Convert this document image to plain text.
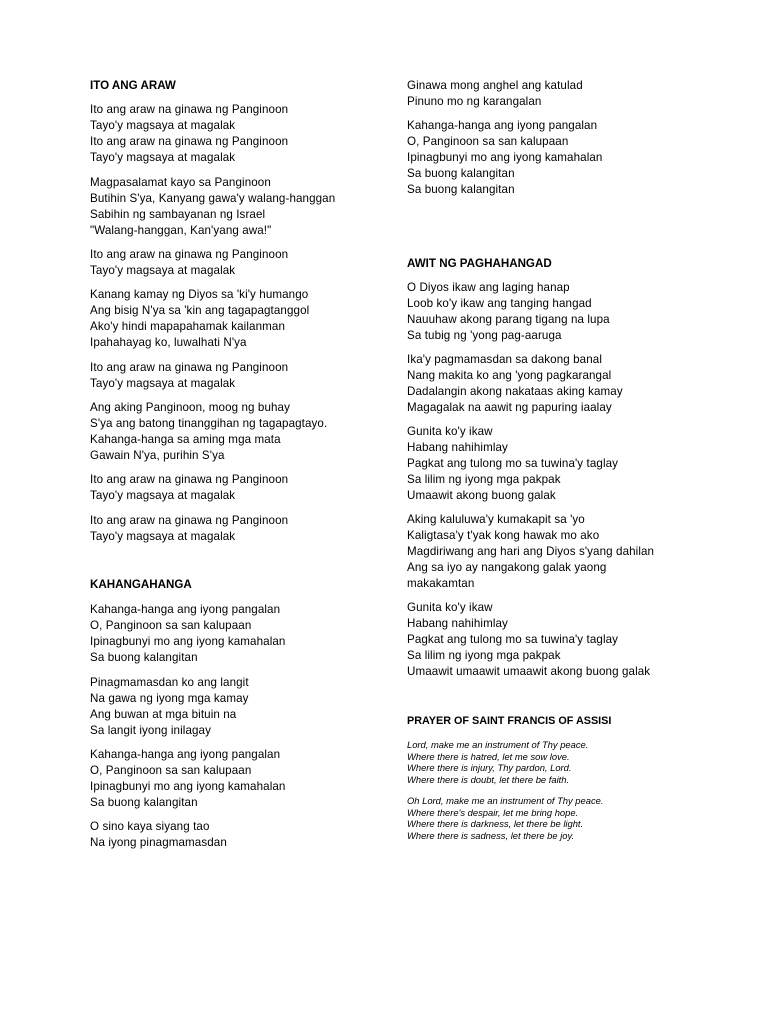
ITO ANG ARAW
Ito ang araw na ginawa ng Panginoon
Tayo'y magsaya at magalak
Ito ang araw na ginawa ng Panginoon
Tayo'y magsaya at magalak
Magpasalamat kayo sa Panginoon
Butihin S'ya, Kanyang gawa'y walang-hanggan
Sabihin ng sambayanan ng Israel
"Walang-hanggan, Kan'yang awa!"
Ito ang araw na ginawa ng Panginoon
Tayo'y magsaya at magalak
Kanang kamay ng Diyos sa 'ki'y humango
Ang bisig N'ya sa 'kin ang tagapagtanggol
Ako'y hindi mapapahamak kailanman
Ipahahayag ko, luwalhati N'ya
Ito ang araw na ginawa ng Panginoon
Tayo'y magsaya at magalak
Ang aking Panginoon, moog ng buhay
S'ya ang batong tinanggihan ng tagapagtayo.
Kahanga-hanga sa aming mga mata
Gawain N'ya, purihin S'ya
Ito ang araw na ginawa ng Panginoon
Tayo'y magsaya at magalak
Ito ang araw na ginawa ng Panginoon
Tayo'y magsaya at magalak
KAHANGAHANGA
Kahanga-hanga ang iyong pangalan
O, Panginoon sa san kalupaan
Ipinagbunyi mo ang iyong kamahalan
Sa buong kalangitan
Pinagmamasdan ko ang langit
Na gawa ng iyong mga kamay
Ang buwan at mga bituin na
Sa langit iyong inilagay
Kahanga-hanga ang iyong pangalan
O, Panginoon sa san kalupaan
Ipinagbunyi mo ang iyong kamahalan
Sa buong kalangitan
O sino kaya siyang tao
Na iyong pinagmamasdan
Ginawa mong anghel ang katulad
Pinuno mo ng karangalan
Kahanga-hanga ang iyong pangalan
O, Panginoon sa san kalupaan
Ipinagbunyi mo ang iyong kamahalan
Sa buong kalangitan
Sa buong kalangitan
AWIT NG PAGHAHANGAD
O Diyos ikaw ang laging hanap
Loob ko'y ikaw ang tanging hangad
Nauuhaw akong parang tigang na lupa
Sa tubig ng 'yong pag-aaruga
Ika'y pagmamasdan sa dakong banal
Nang makita ko ang 'yong pagkarangal
Dadalangin akong nakataas aking kamay
Magagalak na aawit ng papuring iaalay
Gunita ko'y ikaw
Habang nahihimlay
Pagkat ang tulong mo sa tuwina'y taglay
Sa lilim ng iyong mga pakpak
Umaawit akong buong galak
Aking kaluluwa'y kumakapit sa 'yo
Kaligtasa'y t'yak kong hawak mo ako
Magdiriwang ang hari ang Diyos s'yang dahilan
Ang sa iyo ay nangakong galak yaong
makakamtan
Gunita ko'y ikaw
Habang nahihimlay
Pagkat ang tulong mo sa tuwina'y taglay
Sa lilim ng iyong mga pakpak
Umaawit umaawit umaawit akong buong galak
PRAYER OF SAINT FRANCIS OF ASSISI
Lord, make me an instrument of Thy peace.
Where there is hatred, let me sow love.
Where there is injury, Thy pardon, Lord.
Where there is doubt, let there be faith.
Oh Lord, make me an instrument of Thy peace.
Where there's despair, let me bring hope.
Where there is darkness, let there be light.
Where there is sadness, let there be joy.
